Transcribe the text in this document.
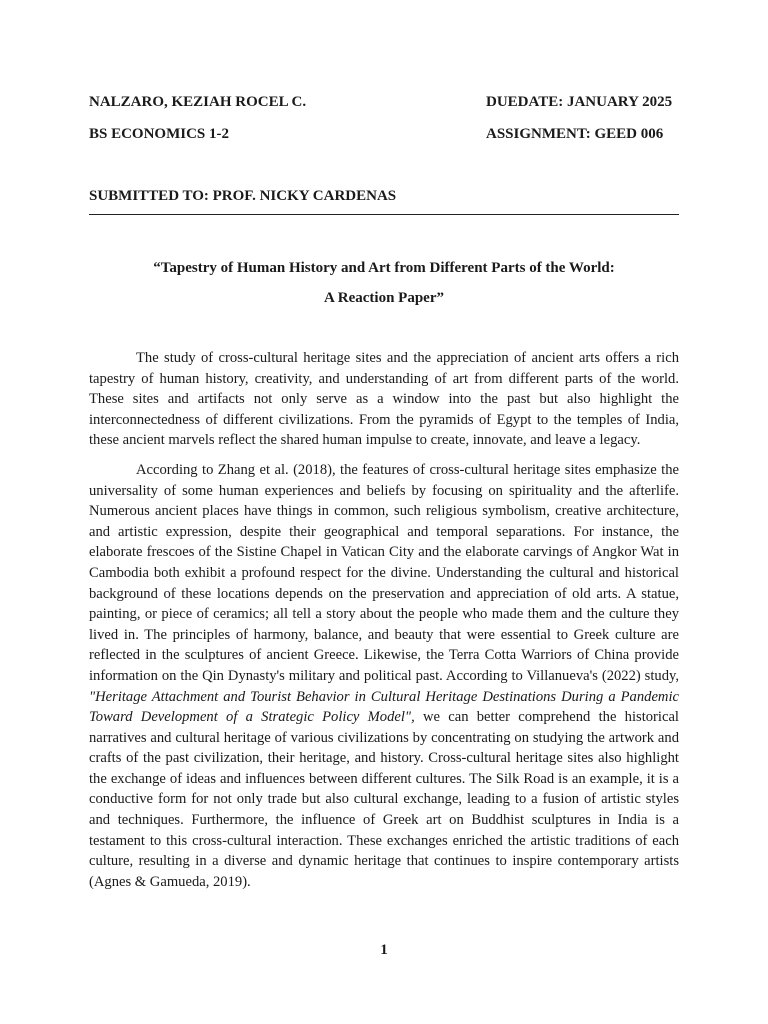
NALZARO, KEZIAH ROCEL C.	DUEDATE: JANUARY 2025
BS ECONOMICS 1-2	ASSIGNMENT: GEED 006
SUBMITTED TO: PROF. NICKY CARDENAS
“Tapestry of Human History and Art from Different Parts of the World:
A Reaction Paper”

The study of cross-cultural heritage sites and the appreciation of ancient arts offers a rich tapestry of human history, creativity, and understanding of art from different parts of the world. These sites and artifacts not only serve as a window into the past but also highlight the interconnectedness of different civilizations. From the pyramids of Egypt to the temples of India, these ancient marvels reflect the shared human impulse to create, innovate, and leave a legacy.

According to Zhang et al. (2018), the features of cross-cultural heritage sites emphasize the universality of some human experiences and beliefs by focusing on spirituality and the afterlife. Numerous ancient places have things in common, such religious symbolism, creative architecture, and artistic expression, despite their geographical and temporal separations. For instance, the elaborate frescoes of the Sistine Chapel in Vatican City and the elaborate carvings of Angkor Wat in Cambodia both exhibit a profound respect for the divine. Understanding the cultural and historical background of these locations depends on the preservation and appreciation of old arts. A statue, painting, or piece of ceramics; all tell a story about the people who made them and the culture they lived in. The principles of harmony, balance, and beauty that were essential to Greek culture are reflected in the sculptures of ancient Greece. Likewise, the Terra Cotta Warriors of China provide information on the Qin Dynasty's military and political past. According to Villanueva's (2022) study, "Heritage Attachment and Tourist Behavior in Cultural Heritage Destinations During a Pandemic Toward Development of a Strategic Policy Model", we can better comprehend the historical narratives and cultural heritage of various civilizations by concentrating on studying the artwork and crafts of the past civilization, their heritage, and history. Cross-cultural heritage sites also highlight the exchange of ideas and influences between different cultures. The Silk Road is an example, it is a conductive form for not only trade but also cultural exchange, leading to a fusion of artistic styles and techniques. Furthermore, the influence of Greek art on Buddhist sculptures in India is a testament to this cross-cultural interaction. These exchanges enriched the artistic traditions of each culture, resulting in a diverse and dynamic heritage that continues to inspire contemporary artists (Agnes & Gamueda, 2019).

1
